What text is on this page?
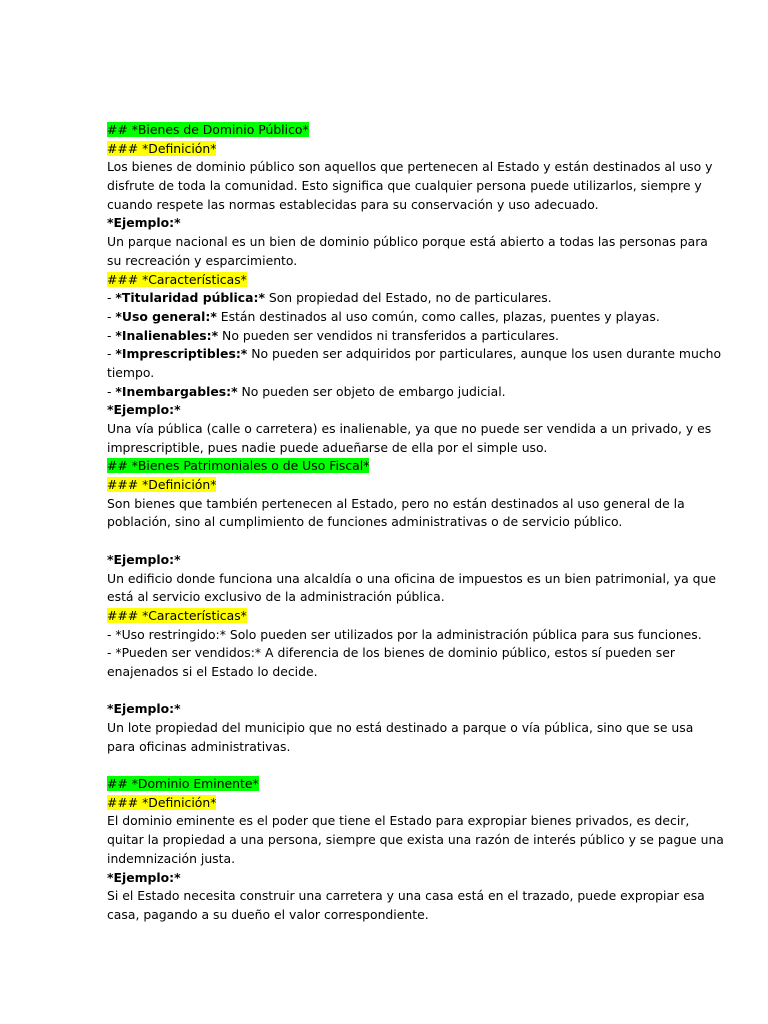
## *Bienes de Dominio Público*
### *Definición*
Los bienes de dominio público son aquellos que pertenecen al Estado y están destinados al uso y
disfrute de toda la comunidad. Esto significa que cualquier persona puede utilizarlos, siempre y
cuando respete las normas establecidas para su conservación y uso adecuado.
*Ejemplo:*
Un parque nacional es un bien de dominio público porque está abierto a todas las personas para
su recreación y esparcimiento.
### *Características*
- *Titularidad pública:* Son propiedad del Estado, no de particulares.
- *Uso general:* Están destinados al uso común, como calles, plazas, puentes y playas.
- *Inalienables:* No pueden ser vendidos ni transferidos a particulares.
- *Imprescriptibles:* No pueden ser adquiridos por particulares, aunque los usen durante mucho
tiempo.
- *Inembargables:* No pueden ser objeto de embargo judicial.
*Ejemplo:*
Una vía pública (calle o carretera) es inalienable, ya que no puede ser vendida a un privado, y es
imprescriptible, pues nadie puede adueñarse de ella por el simple uso.
## *Bienes Patrimoniales o de Uso Fiscal*
### *Definición*
Son bienes que también pertenecen al Estado, pero no están destinados al uso general de la
población, sino al cumplimiento de funciones administrativas o de servicio público.
*Ejemplo:*
Un edificio donde funciona una alcaldía o una oficina de impuestos es un bien patrimonial, ya que
está al servicio exclusivo de la administración pública.
### *Características*
- *Uso restringido:* Solo pueden ser utilizados por la administración pública para sus funciones.
- *Pueden ser vendidos:* A diferencia de los bienes de dominio público, estos sí pueden ser
enajenados si el Estado lo decide.
*Ejemplo:*
Un lote propiedad del municipio que no está destinado a parque o vía pública, sino que se usa
para oficinas administrativas.
## *Dominio Eminente*
### *Definición*
El dominio eminente es el poder que tiene el Estado para expropiar bienes privados, es decir,
quitar la propiedad a una persona, siempre que exista una razón de interés público y se pague una
indemnización justa.
*Ejemplo:*
Si el Estado necesita construir una carretera y una casa está en el trazado, puede expropiar esa
casa, pagando a su dueño el valor correspondiente.
